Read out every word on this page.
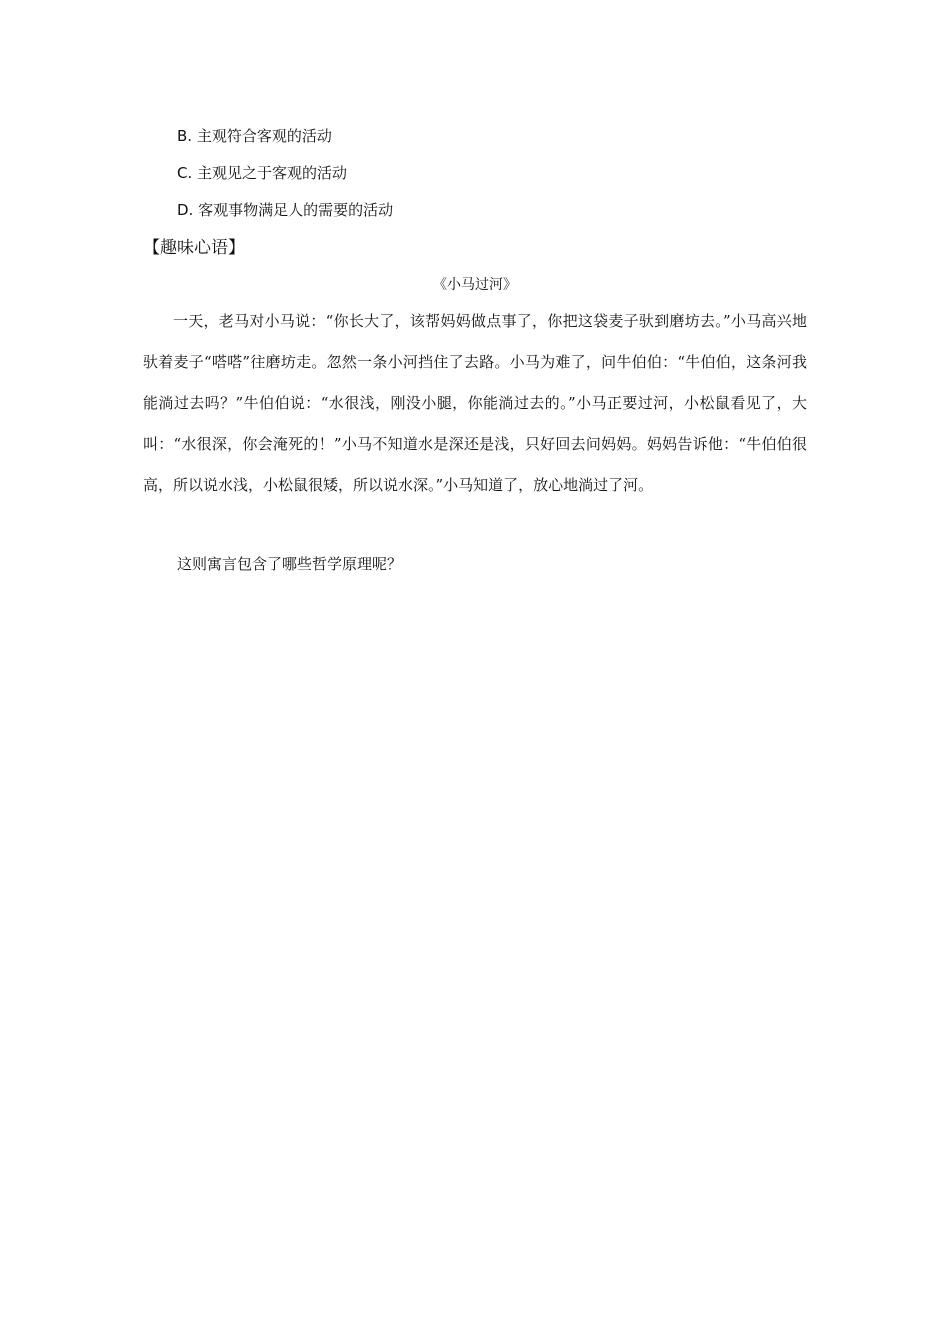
B. 主观符合客观的活动
C. 主观见之于客观的活动
D. 客观事物满足人的需要的活动
【趣味心语】
《小马过河》

一天，老马对小马说：“你长大了，该帮妈妈做点事了，你把这袋麦子驮到磨坊去。”小马高兴地驮着麦子“嗒嗒”往磨坊走。忽然一条小河挡住了去路。小马为难了，问牛伯伯：“牛伯伯，这条河我能淌过去吗？”牛伯伯说：“水很浅，刚没小腿，你能淌过去的。”小马正要过河，小松鼠看见了，大叫：“水很深，你会淹死的！”小马不知道水是深还是浅，只好回去问妈妈。妈妈告诉他：“牛伯伯很高，所以说水浅，小松鼠很矮，所以说水深。”小马知道了，放心地淌过了河。

这则寓言包含了哪些哲学原理呢？
